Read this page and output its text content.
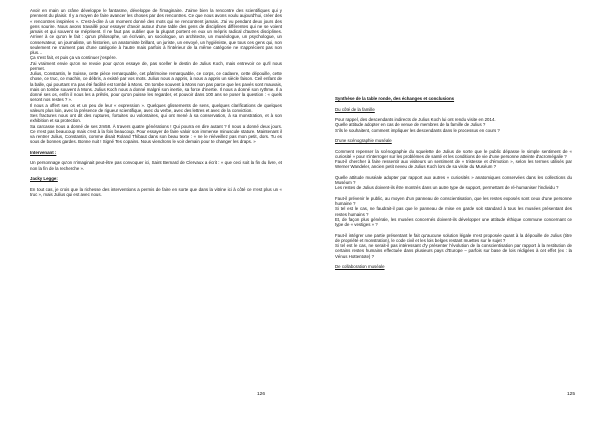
Avoir en main un crâne développe le fantasme, développe de l'imaginaire. J'aime bien la rencontre des scientifiques qui y prennent du plaisir. Il y a moyen de faire avancer les choses par des rencontres. Ce que nous avons voulu aujourd'hui, créer des « rencontres inspirées ». C'est-à-dire à un moment donné des mots qui ne rencontrent jamais. J'ai vu pendant deux jours des gens sourire. Nous avons travaillé pour essayer d'avoir autour d'une table des gens de disciplines différentes qui ne se voient jamais et qui souvent se méprisent. Il ne faut pas oublier que la plupart portent en eux un mépris radical d'autres disciplines. Arriver à ce qu'on le fait : qu'un philosophe, un écrivain, un sociologue, un architecte, un muséologue, un psychologue, un conservateur, un journaliste, un historien, un anatomiste brillant, un juriste, un envoyé, un hygiéniste, que tous ces gens qui, non seulement ne s'aiment pas d'une catégorie à l'autre mais parfois à l'intérieur de la même catégorie ne s'apprécient pas non plus…

Ça s'est fait, et puis ça va continuer j'espère.

J'ai vraiment envie qu'on se revoie pour qu'on essaye de, pas sceller le destin de Julius Koch, mais entrevoir ce qu'il nous permet.

Julius, Constantin, le Suisse, cette pièce remarquable, cet pâtrimoine remarquable, ce corps, ce cadavre, cette dépouille, cette chose, ce truc, ce machin, ce débris, a existé par vos mots. Julius nous a appris, à nous a appris un siècle faison. Ceil enfant de la balle, qui pourtant n'a pas été facilité est tombé à Mons. On tombe souvent à Mons non pas parce que les pavés sont mauvais, mais on tombe souvent à Mons. Julius Koch nous a donné malgré son inertie, sa force d'inertie. Il nous a donné son rythme. Il a donné ses os, enfin il nous les a prêtés, pour qu'on puisse les regarder, et pouvoir dans 100 ans se poser la question : « quels seront nos restes ? ».

Il nous a offert ses os et un peu de leur « expression ». Quelques glissements de sens, quelques clarifications de quelques valeurs plus loin, avec la présence de rigueur scientifique, avec du verbe, avec des lettres et avec de la conviction.

Ses fractures nous ont dit des ruptures, fortuites ou volontaires, qui ont mené à sa conservation, à sa monstration, et à son exhibition et sa protection.

Sa carcasse nous a donné de ses 2m58. À travers quatre générations ! Qui pourra en dire autant ? Il nous a donné deux jours. Ce n'est pas beaucoup mais c'est à la fois beaucoup. Pour essayer de faire valoir son immense minuscule stature. Maintenant il va rentrer Julius, Constantin, comme disait Roland Thibaut dans son beau texte : « ne le rééveillez pas mon petit, dors. Tu es sous de bonnes gardes. Bonne nuit ! Signé Tes copains. Nous viendrons le voir demain pour te changer les draps. »

Intervenant :

Un personnage qu'on n'imaginait peut-être pas convoquer ici, Saint Bernard de Clervaux a écrit : « que ceci soit la fin du livre, et non la fin de la recherche ».

Jacky Legge:

En tout cas, je crois que la richesse des interventions a permis de faire en sorte que dans la vitrine ici à côté ce n'est plus un « truc », mais Julius qui est avec nous.

126

Synthèse de la table ronde, des échanges et conclusions

Du côté de la famille

Pour rappel, des descendants indirects de Julius Koch lui ont rendu visite en 2014.

Quelle attitude adopter en cas de venue de membres de la famille de Julius ?

S'ils le souhaitent, comment impliquer les descendants dans le processus en cours ?

D'une scénographie muséale

Comment repenser la scénographie du squelette de Julius de sorte que le public dépasse le simple sentiment de « curiosité » pour s'interroger sur les problèmes de santé et les conditions de vie d'une personne atteinte d'acromégalie ?

Faut-il chercher à faire ressentir aux visiteurs un sentiment de « tristesse et d'émotion », selon les termes utilisés par Werner Wandeler, ancien petit neveu de Julius Koch lors de sa visite du Muséum ?

Quelle attitude muséale adopter par rapport aux autres « curiosités » anatomiques conservées dans les collections du Muséum ?

Les restes de Julius doivent-ils être montrés dans un autre type de support, permettant de ré-humaniser l'individu ?

Faut-il prévenir le public, au moyen d'un panneau de conscientisation, que les restes exposés sont ceux d'une personne humaine ?

Si tel est le cas, ne faudrait-il pas que le panneau de mise en garde soit standard à tous les musées présentant des restes humains ?

Et, de façon plus générale, les musées concernés doivent-ils développer une attitude éthique commune concernant ce type de « vestiges » ?

Faut-il intégrer une partie présentant le fait qu'aucune solution légale n'est proposée quant à la dépouille de Julius (titre de propriété et monstration), le code civil et les lois belges restant muettes sur le sujet ?

Si tel est le cas, ne serait-il pas intéressant d'y présenter l'évolution de la conscientisation par rapport à la restitution de certains restes humains effectuée dans plusieurs pays d'Europe – parfois sur base de lois rédigées à cet effet (ex : la Vénus Hottentote) ?

De collaboration muséale

125
